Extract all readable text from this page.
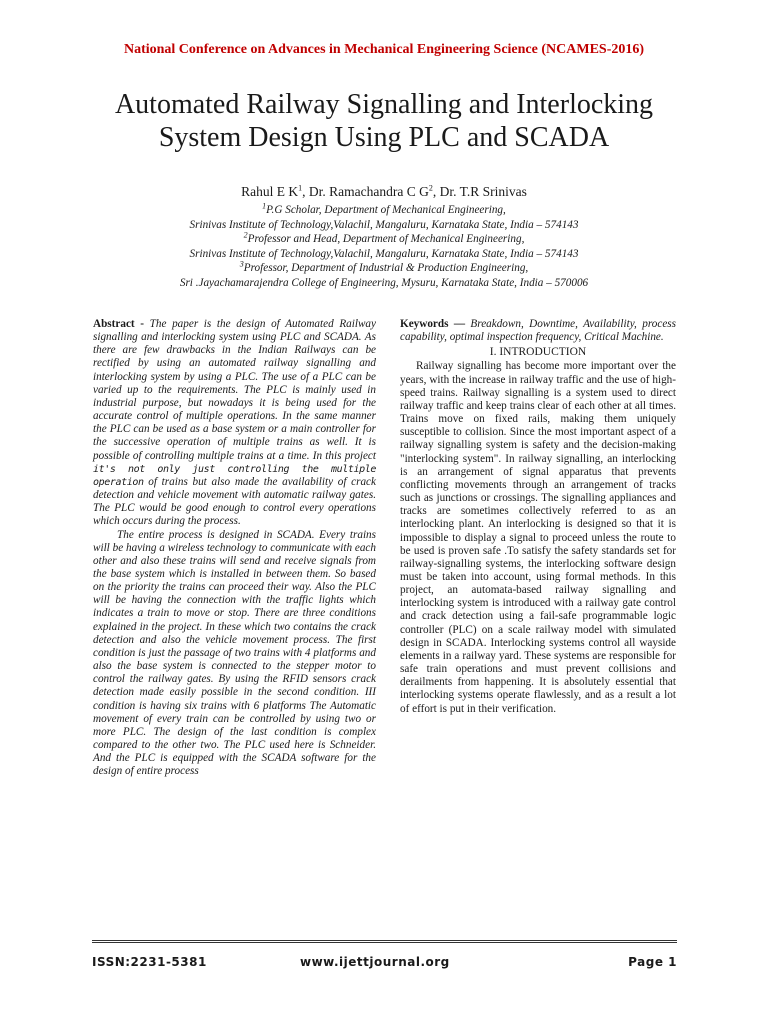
National Conference on Advances in Mechanical Engineering Science (NCAMES-2016)
Automated Railway Signalling and Interlocking System Design Using PLC and SCADA
Rahul E $K^1$, Dr. Ramachandra C $G^2$, Dr. T.R Srinivas
$^1$P.G Scholar, Department of Mechanical Engineering,
Srinivas Institute of Technology,Valachil, Mangaluru, Karnataka State, India – 574143
$^2$Professor and Head, Department of Mechanical Engineering,
Srinivas Institute of Technology,Valachil, Mangaluru, Karnataka State, India – 574143
$^3$Professor, Department of Industrial & Production Engineering,
Sri .Jayachamarajendra College of Engineering, Mysuru, Karnataka State, India – 570006

Abstract - The paper is the design of Automated Railway signalling and interlocking system using PLC and SCADA. As there are few drawbacks in the Indian Railways can be rectified by using an automated railway signalling and interlocking system by using a PLC. The use of a PLC can be varied up to the requirements. The PLC is mainly used in industrial purpose, but nowadays it is being used for the accurate control of multiple operations. In the same manner the PLC can be used as a base system or a main controller for the successive operation of multiple trains as well. It is possible of controlling multiple trains at a time. In this project it's not only just controlling the multiple operation of trains but also made the availability of crack detection and vehicle movement with automatic railway gates. The PLC would be good enough to control every operations which occurs during the process.

The entire process is designed in SCADA. Every trains will be having a wireless technology to communicate with each other and also these trains will send and receive signals from the base system which is installed in between them. So based on the priority the trains can proceed their way. Also the PLC will be having the connection with the traffic lights which indicates a train to move or stop. There are three conditions explained in the project. In these which two contains the crack detection and also the vehicle movement process. The first condition is just the passage of two trains with 4 platforms and also the base system is connected to the stepper motor to control the railway gates. By using the RFID sensors crack detection made easily possible in the second condition. III condition is having six trains with 6 platforms The Automatic movement of every train can be controlled by using two or more PLC. The design of the last condition is complex compared to the other two. The PLC used here is Schneider. And the PLC is equipped with the SCADA software for the design of entire process

Keywords — Breakdown, Downtime, Availability, process capability, optimal inspection frequency, Critical Machine.

I. INTRODUCTION

Railway signalling has become more important over the years, with the increase in railway traffic and the use of high-speed trains. Railway signalling is a system used to direct railway traffic and keep trains clear of each other at all times. Trains move on fixed rails, making them uniquely susceptible to collision. Since the most important aspect of a railway signalling system is safety and the decision-making "interlocking system". In railway signalling, an interlocking is an arrangement of signal apparatus that prevents conflicting movements through an arrangement of tracks such as junctions or crossings. The signalling appliances and tracks are sometimes collectively referred to as an interlocking plant. An interlocking is designed so that it is impossible to display a signal to proceed unless the route to be used is proven safe .To satisfy the safety standards set for railway-signalling systems, the interlocking software design must be taken into account, using formal methods. In this project, an automata-based railway signalling and interlocking system is introduced with a railway gate control and crack detection using a fail-safe programmable logic controller (PLC) on a scale railway model with simulated design in SCADA. Interlocking systems control all wayside elements in a railway yard. These systems are responsible for safe train operations and must prevent collisions and derailments from happening. It is absolutely essential that interlocking systems operate flawlessly, and as a result a lot of effort is put in their verification.

ISSN:2231-5381	www.ijettjournal.org	Page 1
